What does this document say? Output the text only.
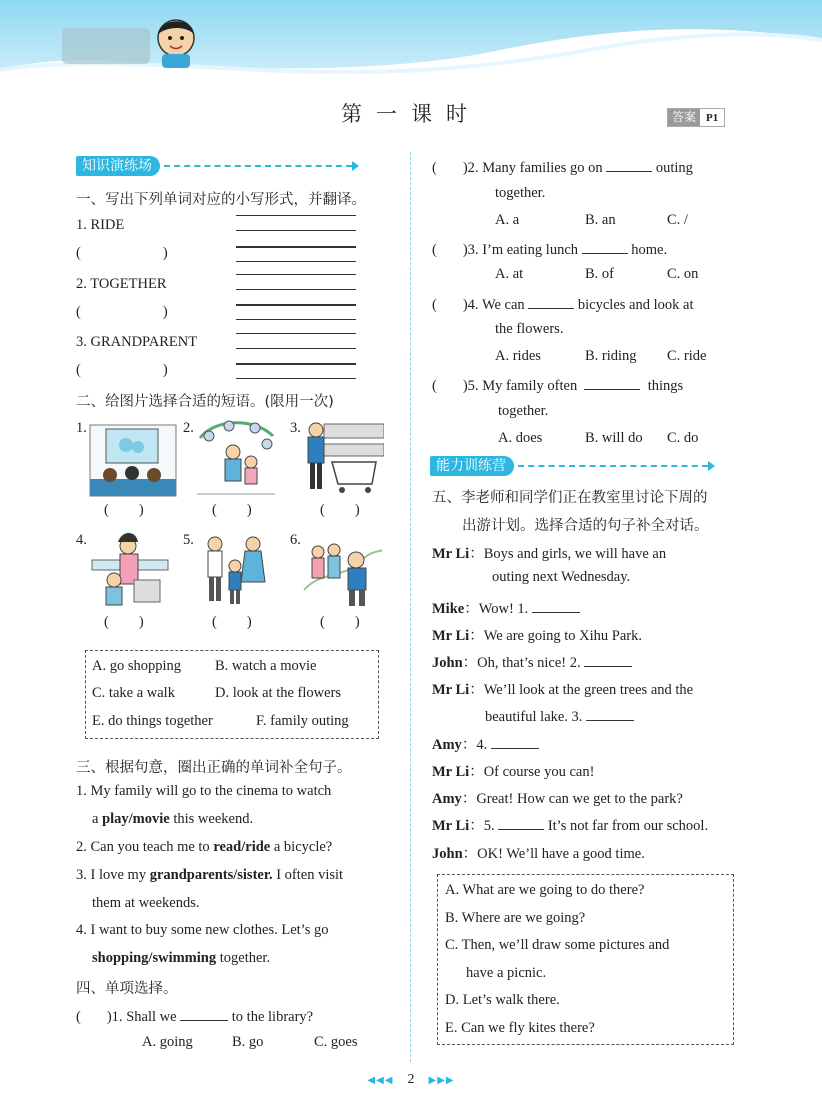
第一课时	答案 P1
知识演练场
一、写出下列单词对应的小写形式，并翻译。
1. RIDE
(	)
2. TOGETHER
(	)
3. GRANDPARENT
(	)
二、给图片选择合适的短语。(限用一次)
1.	2.	3.
( )	( )	( )
4.	5.	6.
( )	( )	( )
A. go shopping B. watch a movie
C. take a walk	D. look at the flowers
E. do things together	F. family outing
三、根据句意，圈出正确的单词补全句子。
1. My family will go to the cinema to watch
a play/movie this weekend.
2. Can you teach me to read/ride a bicycle?
3. I love my grandparents/sister. I often visit
them at weekends.
4. I want to buy some new clothes. Let’s go
shopping/swimming together.
四、单项选择。
( )1. Shall we	to the library?
A. going	B. go	C. goes
( )2. Many families go on	outing
together.
A. a	B. an	C. /
( )3. I’m eating lunch	home.
A. at	B. of	C. on
( )4. We can	bicycles and look at
the flowers.
A. rides	B. riding C. ride
( )5. My family often	things
together.
A. does	B. will do C. do
能力训练营
五、李老师和同学们正在教室里讨论下周的
出游计划。选择合适的句子补全对话。
Mr Li：Boys and girls, we will have an
outing next Wednesday.
Mike：Wow! 1.
Mr Li：We are going to Xihu Park.
John：Oh, that’s nice! 2.
Mr Li：We’ll look at the green trees and the
beautiful lake. 3.
Amy：4.
Mr Li：Of course you can!
Amy：Great! How can we get to the park?
Mr Li：5.	It’s not far from our school.
John：OK! We’ll have a good time.
A. What are we going to do there?
B. Where are we going?
C. Then, we’ll draw some pictures and
have a picnic.
D. Let’s walk there.
E. Can we fly kites there?
◀◀◀ 2 ▶▶▶
